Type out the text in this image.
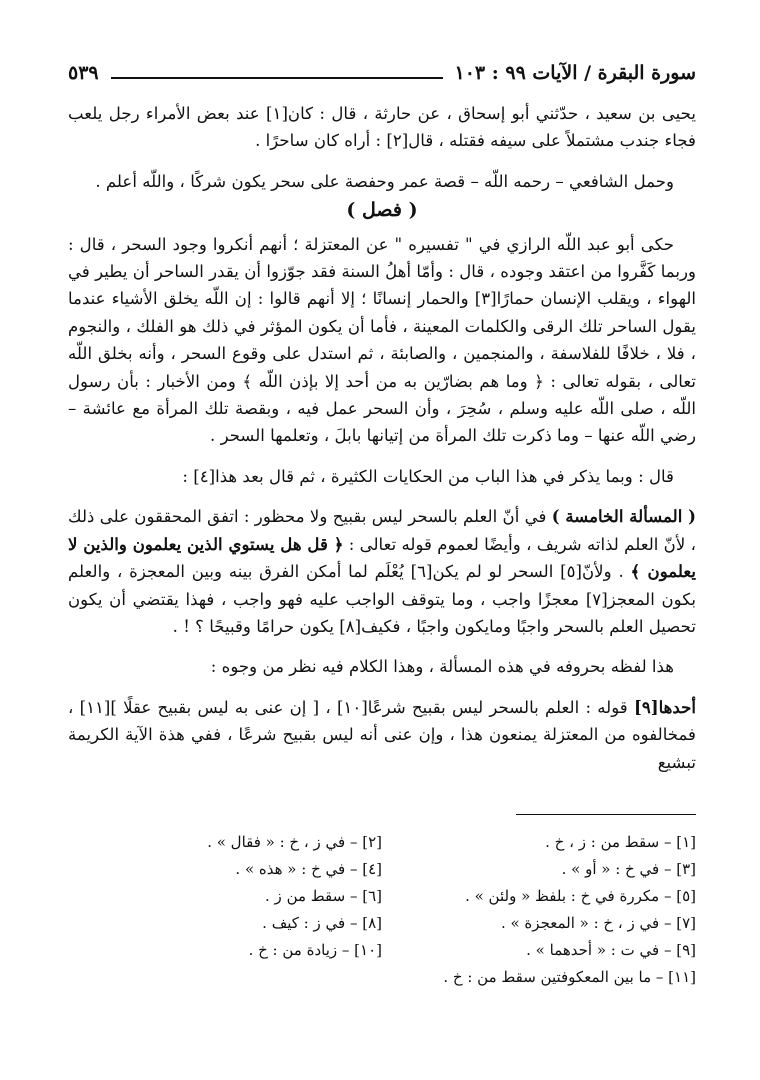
سورة البقرة / الآيات ٩٩ : ١٠٣
٥٣٩

يحيى بن سعيد ، حدّثني أبو إسحاق ، عن حارثة ، قال : كان[١] عند بعض الأمراء رجل يلعب فجاء جندب مشتملاً على سيفه فقتله ، قال[٢] : أراه كان ساحرًا .

وحمل الشافعي – رحمه اللّه – قصة عمر وحفصة على سحر يكون شركًا ، واللّه أعلم .

( فصل )

حكى أبو عبد اللّه الرازي في " تفسيره " عن المعتزلة ؛ أنهم أنكروا وجود السحر ، قال : وربما كَفَّروا من اعتقد وجوده ، قال : وأمّا أهلُ السنة فقد جوّزوا أن يقدر الساحر أن يطير في الهواء ، ويقلب الإنسان حمارًا[٣] والحمار إنسانًا ؛ إلا أنهم قالوا : إن اللّه يخلق الأشياء عندما يقول الساحر تلك الرقى والكلمات المعينة ، فأما أن يكون المؤثر في ذلك هو الفلك ، والنجوم ، فلا ، خلافًا للفلاسفة ، والمنجمين ، والصابئة ، ثم استدل على وقوع السحر ، وأنه بخلق اللّه تعالى ، بقوله تعالى : ﴿ وما هم بضارّين به من أحد إلا بإذن اللّه ﴾ ومن الأخبار : بأن رسول اللّه ، صلى اللّه عليه وسلم ، سُحِرَ ، وأن السحر عمل فيه ، وبقصة تلك المرأة مع عائشة – رضي اللّه عنها – وما ذكرت تلك المرأة من إتيانها بابلَ ، وتعلمها السحر .

قال : وبما يذكر في هذا الباب من الحكايات الكثيرة ، ثم قال بعد هذا[٤] :

( المسألة الخامسة ) في أنّ العلم بالسحر ليس بقبيح ولا محظور : اتفق المحققون على ذلك ، لأنّ العلم لذاته شريف ، وأيضًا لعموم قوله تعالى : ﴿ قل هل يستوي الذين يعلمون والذين لا يعلمون ﴾ . ولأنّ[٥] السحر لو لم يكن[٦] يُعْلَم لما أمكن الفرق بينه وبين المعجزة ، والعلم بكون المعجز[٧] معجزًا واجب ، وما يتوقف الواجب عليه فهو واجب ، فهذا يقتضي أن يكون تحصيل العلم بالسحر واجبًا ومايكون واجبًا ، فكيف[٨] يكون حرامًا وقبيحًا ؟ ! .

هذا لفظه بحروفه في هذه المسألة ، وهذا الكلام فيه نظر من وجوه :

أحدها[٩] قوله : العلم بالسحر ليس بقبيح شرعًا[١٠] ، [ إن عنى به ليس بقبيح عقلًا ][١١] ، فمخالفوه من المعتزلة يمنعون هذا ، وإن عنى أنه ليس بقبيح شرعًا ، ففي هذة الآية الكريمة تبشيع

[١] – سقط من : ز ، خ .
[٢] – في ز ، خ : « فقال » .
[٣] – في خ : « أو » .
[٤] – في خ : « هذه » .
[٥] – مكررة في خ : بلفظ « ولئن » .
[٦] – سقط من ز .
[٧] – في ز ، خ : « المعجزة » .
[٨] – في ز : كيف .
[٩] – في ت : « أحدهما » .
[١٠] – زيادة من : خ .
[١١] – ما بين المعكوفتين سقط من : خ .
